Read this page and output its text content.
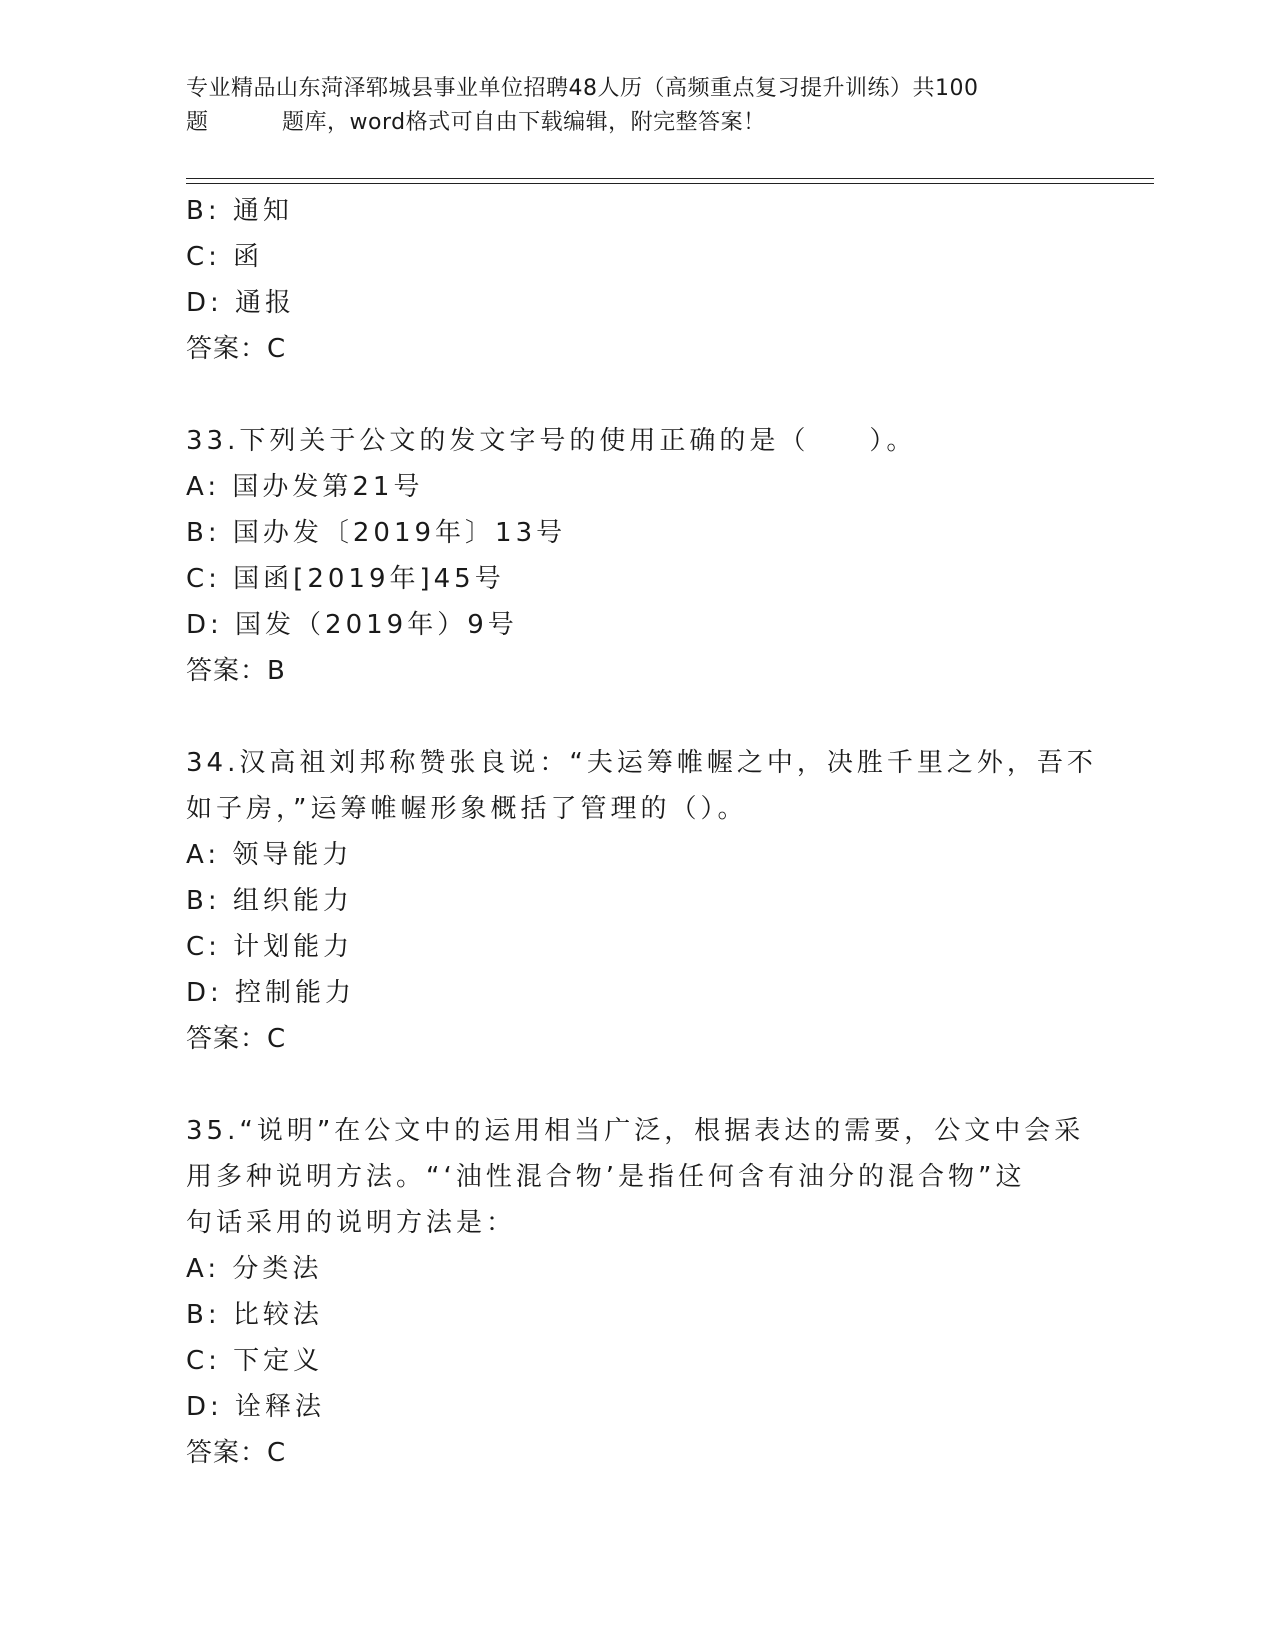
专业精品山东菏泽郓城县事业单位招聘48人历（高频重点复习提升训练）共100
题	题库，word格式可自由下载编辑，附完整答案！
B: 通知
C: 函
D: 通报
答案：C
33.下列关于公文的发文字号的使用正确的是（　　）。
A: 国办发第21号
B: 国办发〔2019年〕13号
C: 国函[2019年]45号
D: 国发（2019年）9号
答案：B
34.汉高祖刘邦称赞张良说：“夫运筹帷幄之中，决胜千里之外，吾不
如子房，”运筹帷幄形象概括了管理的（）。
A: 领导能力
B: 组织能力
C: 计划能力
D: 控制能力
答案：C
35.“说明”在公文中的运用相当广泛，根据表达的需要，公文中会采
用多种说明方法。“‘油性混合物’是指任何含有油分的混合物”这
句话采用的说明方法是：
A: 分类法
B: 比较法
C: 下定义
D: 诠释法
答案：C
